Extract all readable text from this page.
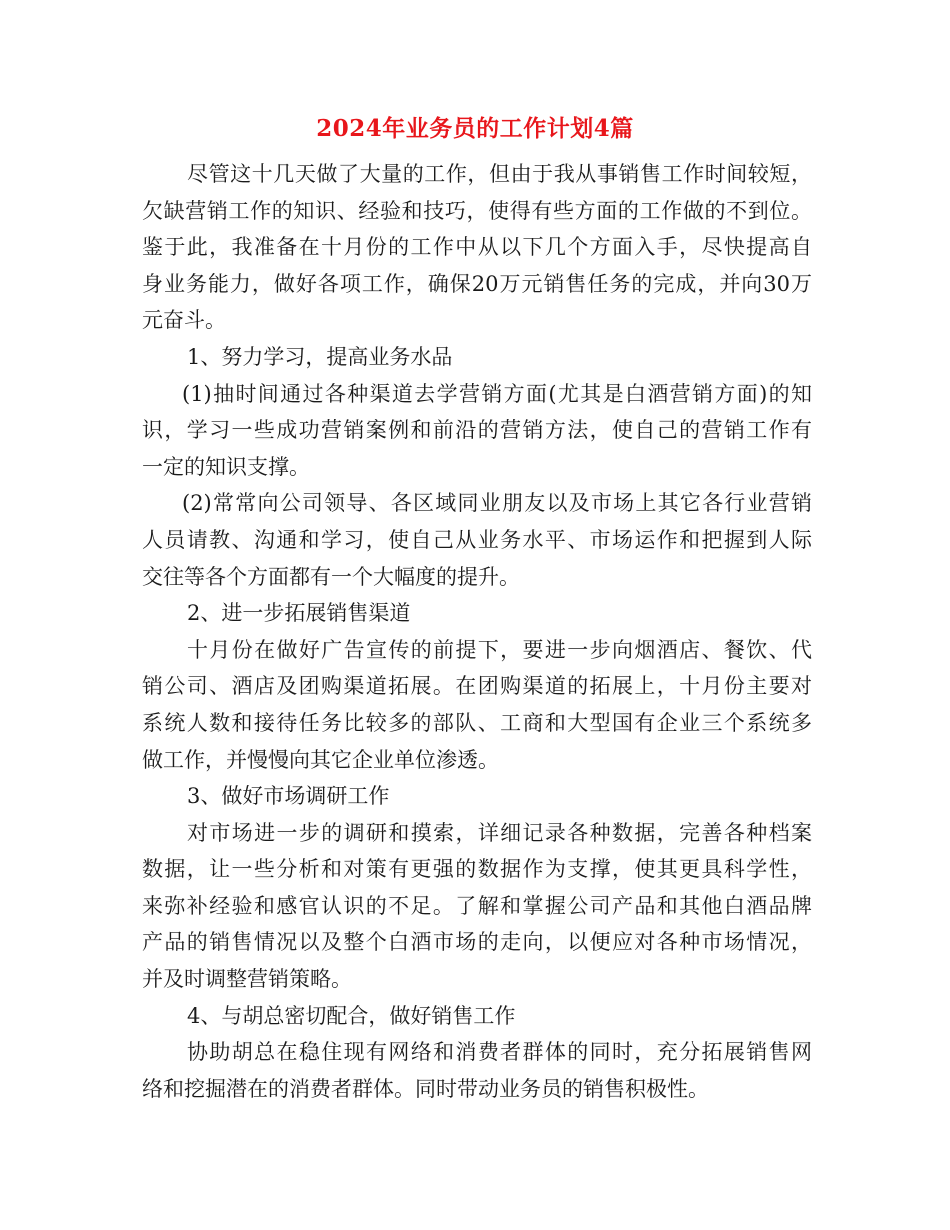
2024年业务员的工作计划4篇
尽管这十几天做了大量的工作，但由于我从事销售工作时间较短，
欠缺营销工作的知识、经验和技巧，使得有些方面的工作做的不到位。
鉴于此，我准备在十月份的工作中从以下几个方面入手，尽快提高自
身业务能力，做好各项工作，确保20万元销售任务的完成，并向30万
元奋斗。
1、努力学习，提高业务水品
(1)抽时间通过各种渠道去学营销方面(尤其是白酒营销方面)的知
识，学习一些成功营销案例和前沿的营销方法，使自己的营销工作有
一定的知识支撑。
(2)常常向公司领导、各区域同业朋友以及市场上其它各行业营销
人员请教、沟通和学习，使自己从业务水平、市场运作和把握到人际
交往等各个方面都有一个大幅度的提升。
2、进一步拓展销售渠道
十月份在做好广告宣传的前提下，要进一步向烟酒店、餐饮、代
销公司、酒店及团购渠道拓展。在团购渠道的拓展上，十月份主要对
系统人数和接待任务比较多的部队、工商和大型国有企业三个系统多
做工作，并慢慢向其它企业单位渗透。
3、做好市场调研工作
对市场进一步的调研和摸索，详细记录各种数据，完善各种档案
数据，让一些分析和对策有更强的数据作为支撑，使其更具科学性，
来弥补经验和感官认识的不足。了解和掌握公司产品和其他白酒品牌
产品的销售情况以及整个白酒市场的走向，以便应对各种市场情况，
并及时调整营销策略。
4、与胡总密切配合，做好销售工作
协助胡总在稳住现有网络和消费者群体的同时，充分拓展销售网
络和挖掘潜在的消费者群体。同时带动业务员的销售积极性。
